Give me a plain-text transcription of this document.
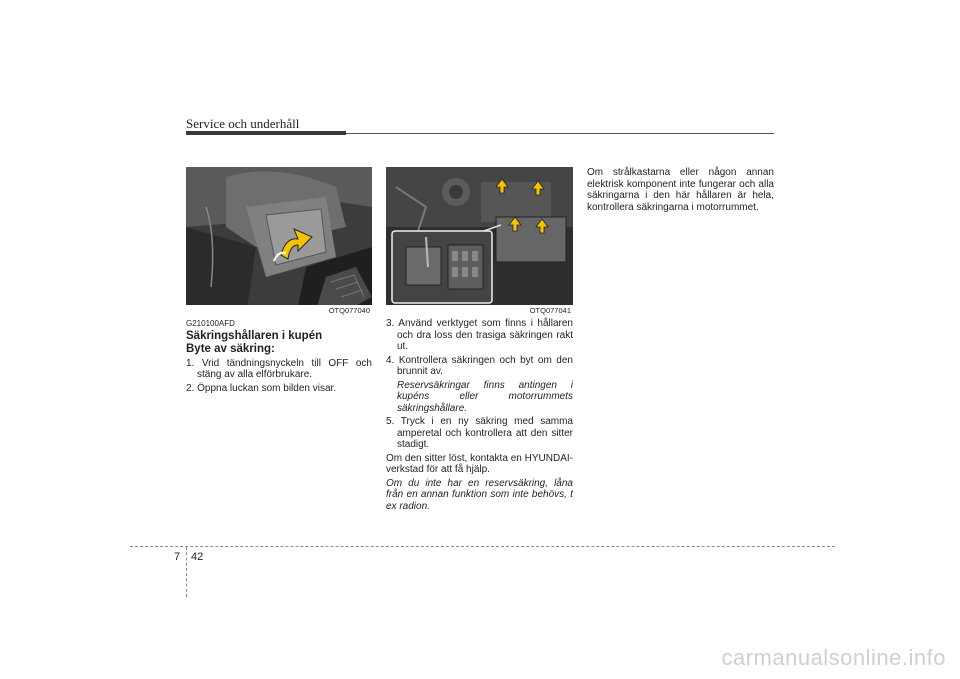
Service och underhåll
OTQ077040	OTQ077041
G210100AFD
Säkringshållaren i kupén
Byte av säkring:
1. Vrid tändningsnyckeln till OFF och stäng av alla elförbrukare.
2. Öppna luckan som bilden visar.
3. Använd verktyget som finns i hållaren och dra loss den trasiga säkringen rakt ut.
4. Kontrollera säkringen och byt om den brunnit av.
Reservsäkringar finns antingen i kupéns eller motorrummets säkringshållare.
5. Tryck i en ny säkring med samma amperetal och kontrollera att den sitter stadigt.
Om den sitter löst, kontakta en HYUNDAI-verkstad för att få hjälp.
Om du inte har en reservsäkring, låna från en annan funktion som inte behövs, t ex radion.
Om strålkastarna eller någon annan elektrisk komponent inte fungerar och alla säkringarna i den här hållaren är hela, kontrollera säkringarna i motorrummet.
7 42
carmanualsonline.info
